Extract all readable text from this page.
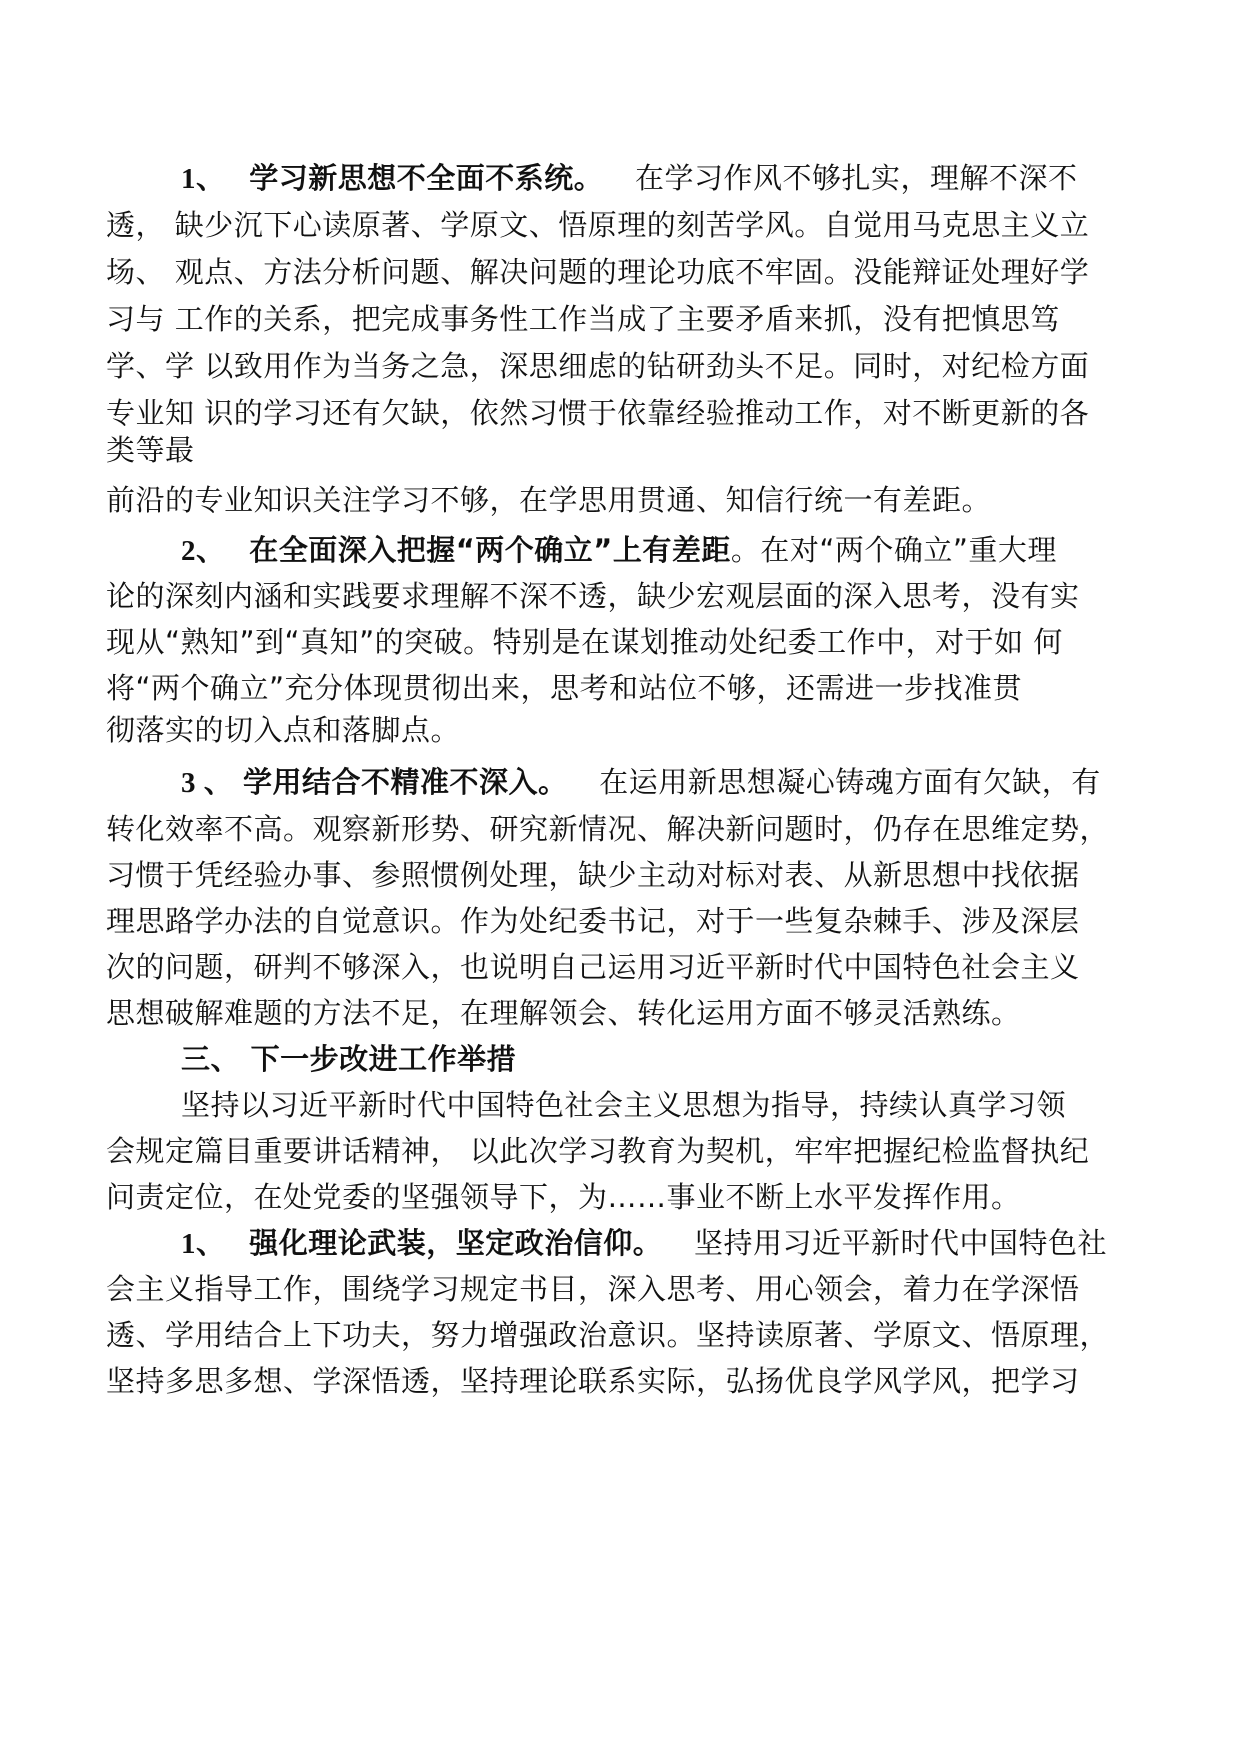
1、 学习新思想不全面不系统。 在学习作风不够扎实，理解不深不
透， 缺少沉下心读原著、学原文、悟原理的刻苦学风。自觉用马克思主义立
场、 观点、方法分析问题、解决问题的理论功底不牢固。没能辩证处理好学
习与 工作的关系，把完成事务性工作当成了主要矛盾来抓，没有把慎思笃
学、学 以致用作为当务之急，深思细虑的钻研劲头不足。同时，对纪检方面
专业知 识的学习还有欠缺，依然习惯于依靠经验推动工作，对不断更新的各
类等最
前沿的专业知识关注学习不够，在学思用贯通、知信行统一有差距。
2、 在全面深入把握“两个确立”上有差距。在对“两个确立”重大理
论的深刻内涵和实践要求理解不深不透，缺少宏观层面的深入思考，没有实
现从“熟知”到“真知”的突破。特别是在谋划推动处纪委工作中，对于如 何
将“两个确立”充分体现贯彻出来，思考和站位不够，还需进一步找准贯
彻落实的切入点和落脚点。
3 、 学用结合不精准不深入。 在运用新思想凝心铸魂方面有欠缺，有
转化效率不高。观察新形势、研究新情况、解决新问题时，仍存在思维定势，
习惯于凭经验办事、参照惯例处理，缺少主动对标对表、从新思想中找依据
理思路学办法的自觉意识。作为处纪委书记，对于一些复杂棘手、涉及深层
次的问题，研判不够深入，也说明自己运用习近平新时代中国特色社会主义
思想破解难题的方法不足，在理解领会、转化运用方面不够灵活熟练。
三、 下一步改进工作举措
坚持以习近平新时代中国特色社会主义思想为指导，持续认真学习领
会规定篇目重要讲话精神， 以此次学习教育为契机，牢牢把握纪检监督执纪
问责定位，在处党委的坚强领导下，为……事业不断上水平发挥作用。
1、 强化理论武装，坚定政治信仰。 坚持用习近平新时代中国特色社
会主义指导工作，围绕学习规定书目，深入思考、用心领会，着力在学深悟
透、学用结合上下功夫，努力增强政治意识。坚持读原著、学原文、悟原理，
坚持多思多想、学深悟透，坚持理论联系实际，弘扬优良学风学风，把学习
